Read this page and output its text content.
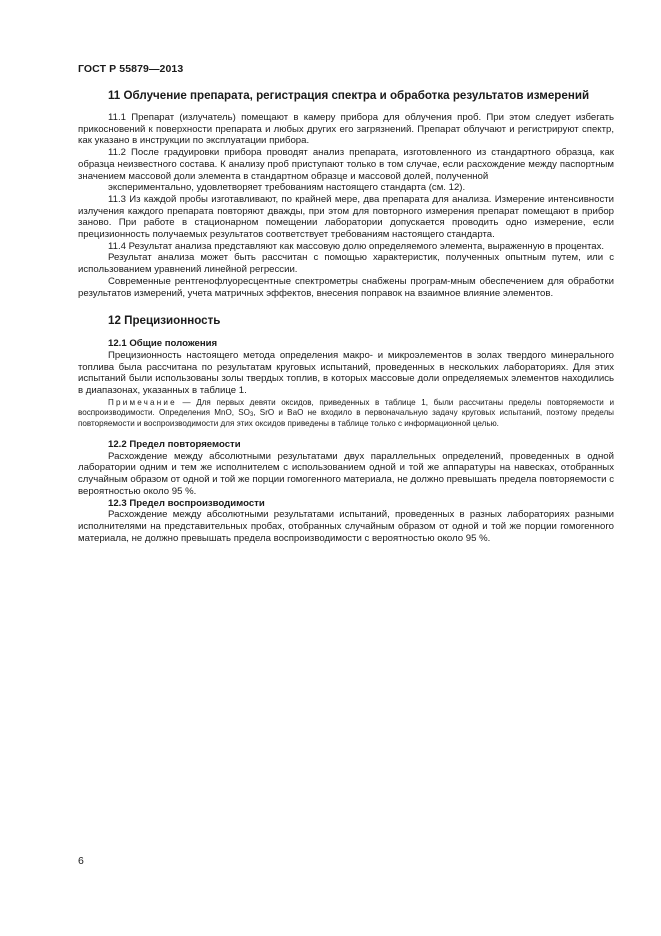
ГОСТ Р 55879—2013

11 Облучение препарата, регистрация спектра и обработка результатов измерений

11.1 Препарат (излучатель) помещают в камеру прибора для облучения проб. При этом следует избегать прикосновений к поверхности препарата и любых других его загрязнений. Препарат облучают и регистрируют спектр, как указано в инструкции по эксплуатации прибора.

11.2 После градуировки прибора проводят анализ препарата, изготовленного из стандартного образца, как образца неизвестного состава. К анализу проб приступают только в том случае, если расхождение между паспортным значением массовой доли элемента в стандартном образце и массовой долей, полученной

экспериментально, удовлетворяет требованиям настоящего стандарта (см. 12).

11.3 Из каждой пробы изготавливают, по крайней мере, два препарата для анализа. Измерение интенсивности излучения каждого препарата повторяют дважды, при этом для повторного измерения препарат помещают в прибор заново. При работе в стационарном помещении лаборатории допускается проводить одно измерение, если прецизионность получаемых результатов соответствует требованиям настоящего стандарта.

11.4 Результат анализа представляют как массовую долю определяемого элемента, выраженную в процентах.

Результат анализа может быть рассчитан с помощью характеристик, полученных опытным путем, или с использованием уравнений линейной регрессии.

Современные рентгенофлуоресцентные спектрометры снабжены програм-мным обеспечением для обработки результатов измерений, учета матричных эффектов, внесения поправок на взаимное влияние элементов.

12 Прецизионность

12.1 Общие положения

Прецизионность настоящего метода определения макро- и микроэлементов в золах твердого минерального топлива была рассчитана по результатам круговых испытаний, проведенных в нескольких лабораториях. Для этих испытаний были использованы золы твердых топлив, в которых массовые доли определяемых элементов находились в диапазонах, указанных в таблице 1.

Примечание — Для первых девяти оксидов, приведенных в таблице 1, были рассчитаны пределы повторяемости и воспроизводимости. Определения MnO, $SO_3$, SrO и BaO не входило в первоначальную задачу круговых испытаний, поэтому пределы повторяемости и воспроизводимости для этих оксидов приведены в таблице только с информационной целью.

12.2 Предел повторяемости

Расхождение между абсолютными результатами двух параллельных определений, проведенных в одной лаборатории одним и тем же исполнителем с использованием одной и той же аппаратуры на навесках, отобранных случайным образом от одной и той же порции гомогенного материала, не должно превышать предела повторяемости с вероятностью около 95 %.

12.3 Предел воспроизводимости

Расхождение между абсолютными результатами испытаний, проведенных в разных лабораториях разными исполнителями на представительных пробах, отобранных случайным образом от одной и той же порции гомогенного материала, не должно превышать предела воспроизводимости с вероятностью около 95 %.

6
